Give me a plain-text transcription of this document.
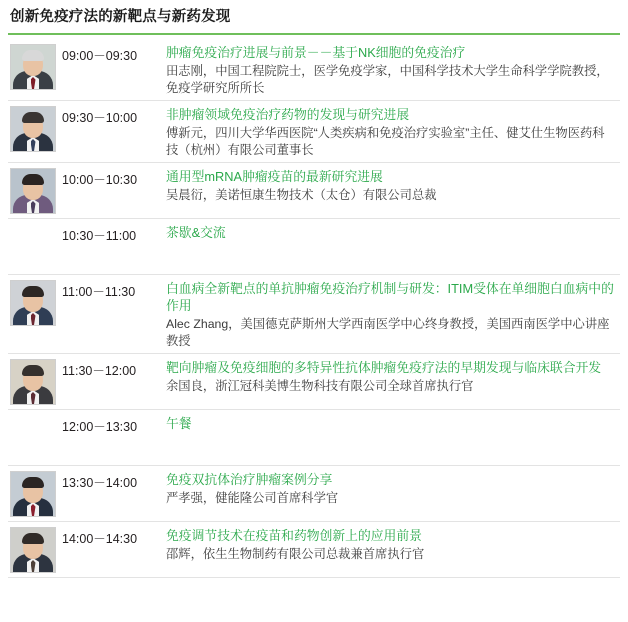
创新免疫疗法的新靶点与新药发现
09:00－09:30	肿瘤免疫治疗进展与前景－－基于NK细胞的免疫治疗
田志刚，中国工程院院士，医学免疫学家，中国科学技术大学生命科学学院教授，免疫学研究所所长
09:30－10:00	非肿瘤领域免疫治疗药物的发现与研究进展
傅新元，四川大学华西医院“人类疾病和免疫治疗实验室”主任、健艾仕生物医药科技（杭州）有限公司董事长
10:00－10:30	通用型mRNA肿瘤疫苗的最新研究进展
吴晨衍，美诺恒康生物技术（太仓）有限公司总裁
10:30－11:00	茶歇&交流
11:00－11:30	白血病全新靶点的单抗肿瘤免疫治疗机制与研发：ITIM受体在单细胞白血病中的作用
Alec Zhang，美国德克萨斯州大学西南医学中心终身教授，美国西南医学中心讲座教授
11:30－12:00	靶向肿瘤及免疫细胞的多特异性抗体肿瘤免疫疗法的早期发现与临床联合开发
余国良，浙江冠科美博生物科技有限公司全球首席执行官
12:00－13:30	午餐
13:30－14:00	免疫双抗体治疗肿瘤案例分享
严孝强，健能隆公司首席科学官
14:00－14:30	免疫调节技术在疫苗和药物创新上的应用前景
邵辉，依生生物制药有限公司总裁兼首席执行官
